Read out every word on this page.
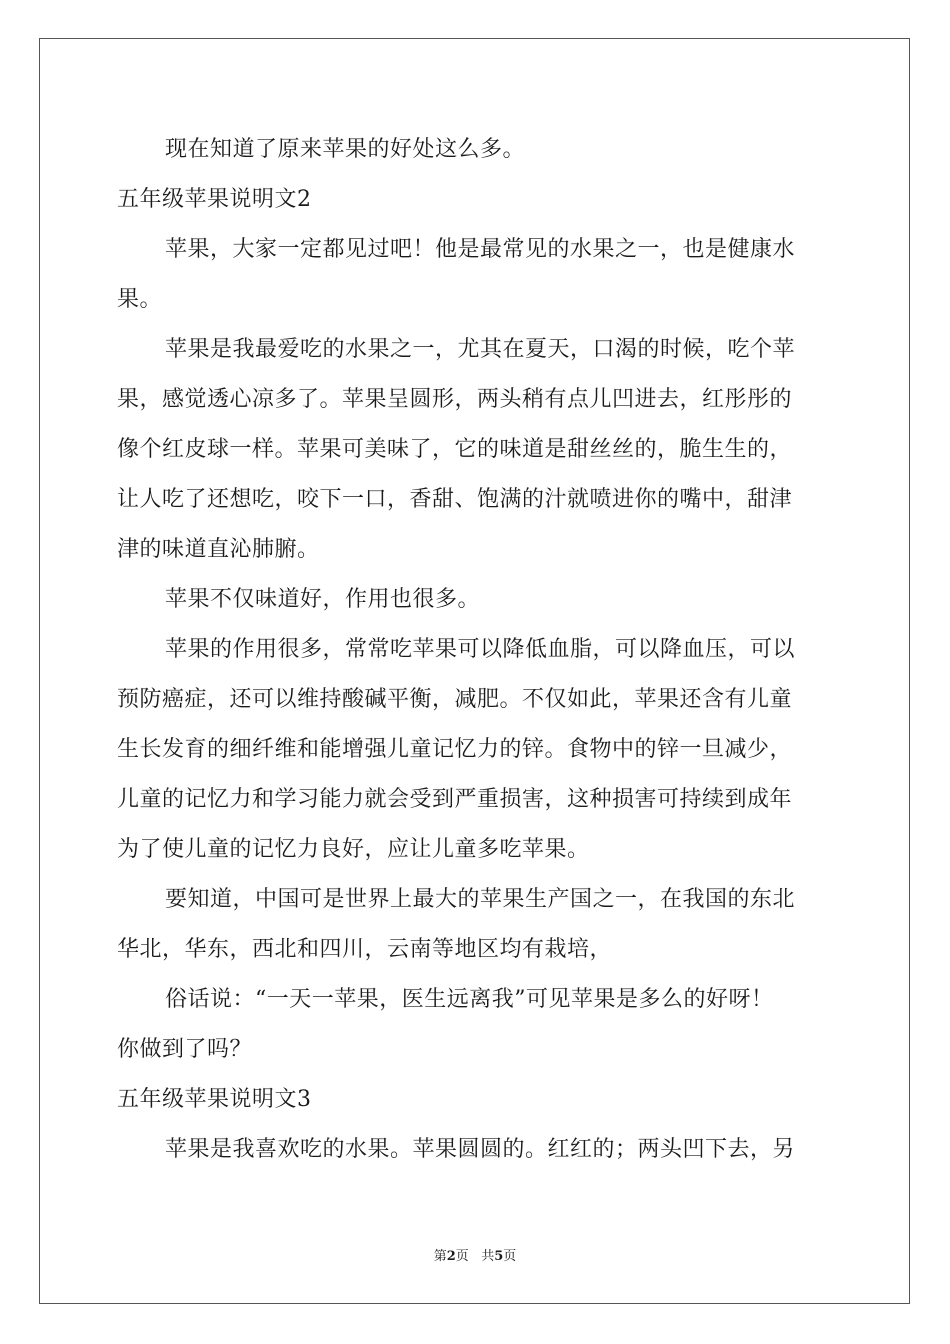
现在知道了原来苹果的好处这么多。
五年级苹果说明文2
苹果，大家一定都见过吧！他是最常见的水果之一，也是健康水
果。
苹果是我最爱吃的水果之一，尤其在夏天，口渴的时候，吃个苹
果，感觉透心凉多了。苹果呈圆形，两头稍有点儿凹进去，红彤彤的
像个红皮球一样。苹果可美味了，它的味道是甜丝丝的，脆生生的，
让人吃了还想吃，咬下一口，香甜、饱满的汁就喷进你的嘴中，甜津
津的味道直沁肺腑。
苹果不仅味道好，作用也很多。
苹果的作用很多，常常吃苹果可以降低血脂，可以降血压，可以
预防癌症，还可以维持酸碱平衡，减肥。不仅如此，苹果还含有儿童
生长发育的细纤维和能增强儿童记忆力的锌。食物中的锌一旦减少，
儿童的记忆力和学习能力就会受到严重损害，这种损害可持续到成年
为了使儿童的记忆力良好，应让儿童多吃苹果。
要知道，中国可是世界上最大的苹果生产国之一，在我国的东北
华北，华东，西北和四川，云南等地区均有栽培，
俗话说：“一天一苹果，医生远离我”可见苹果是多么的好呀！
你做到了吗？
五年级苹果说明文3
苹果是我喜欢吃的水果。苹果圆圆的。红红的；两头凹下去，另
第2页 共5页
